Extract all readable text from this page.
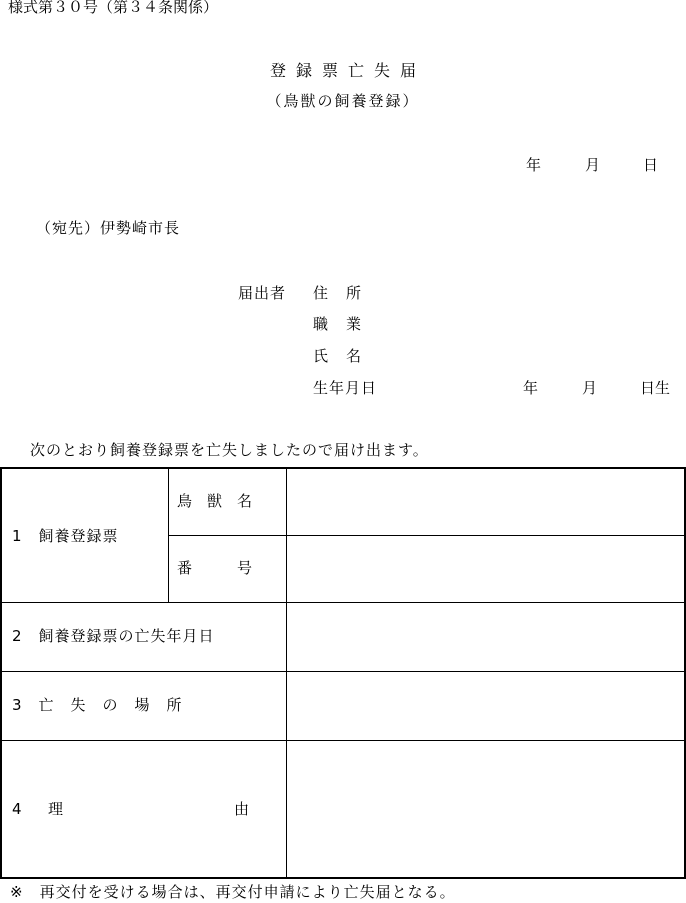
様式第３０号（第３４条関係）
登録票亡失届
（鳥獣の飼養登録）
年	月	日
（宛先）伊勢崎市長
届出者 住所
職業
氏名
生年月日	年	月	日生
次のとおり飼養登録票を亡失しましたので届け出ます。
1　飼養登録票
鳥　獣　名
番　　　号
2　飼養登録票の亡失年月日
3　亡　失　の　場　所
4 理	由
※　再交付を受ける場合は、再交付申請により亡失届となる。
